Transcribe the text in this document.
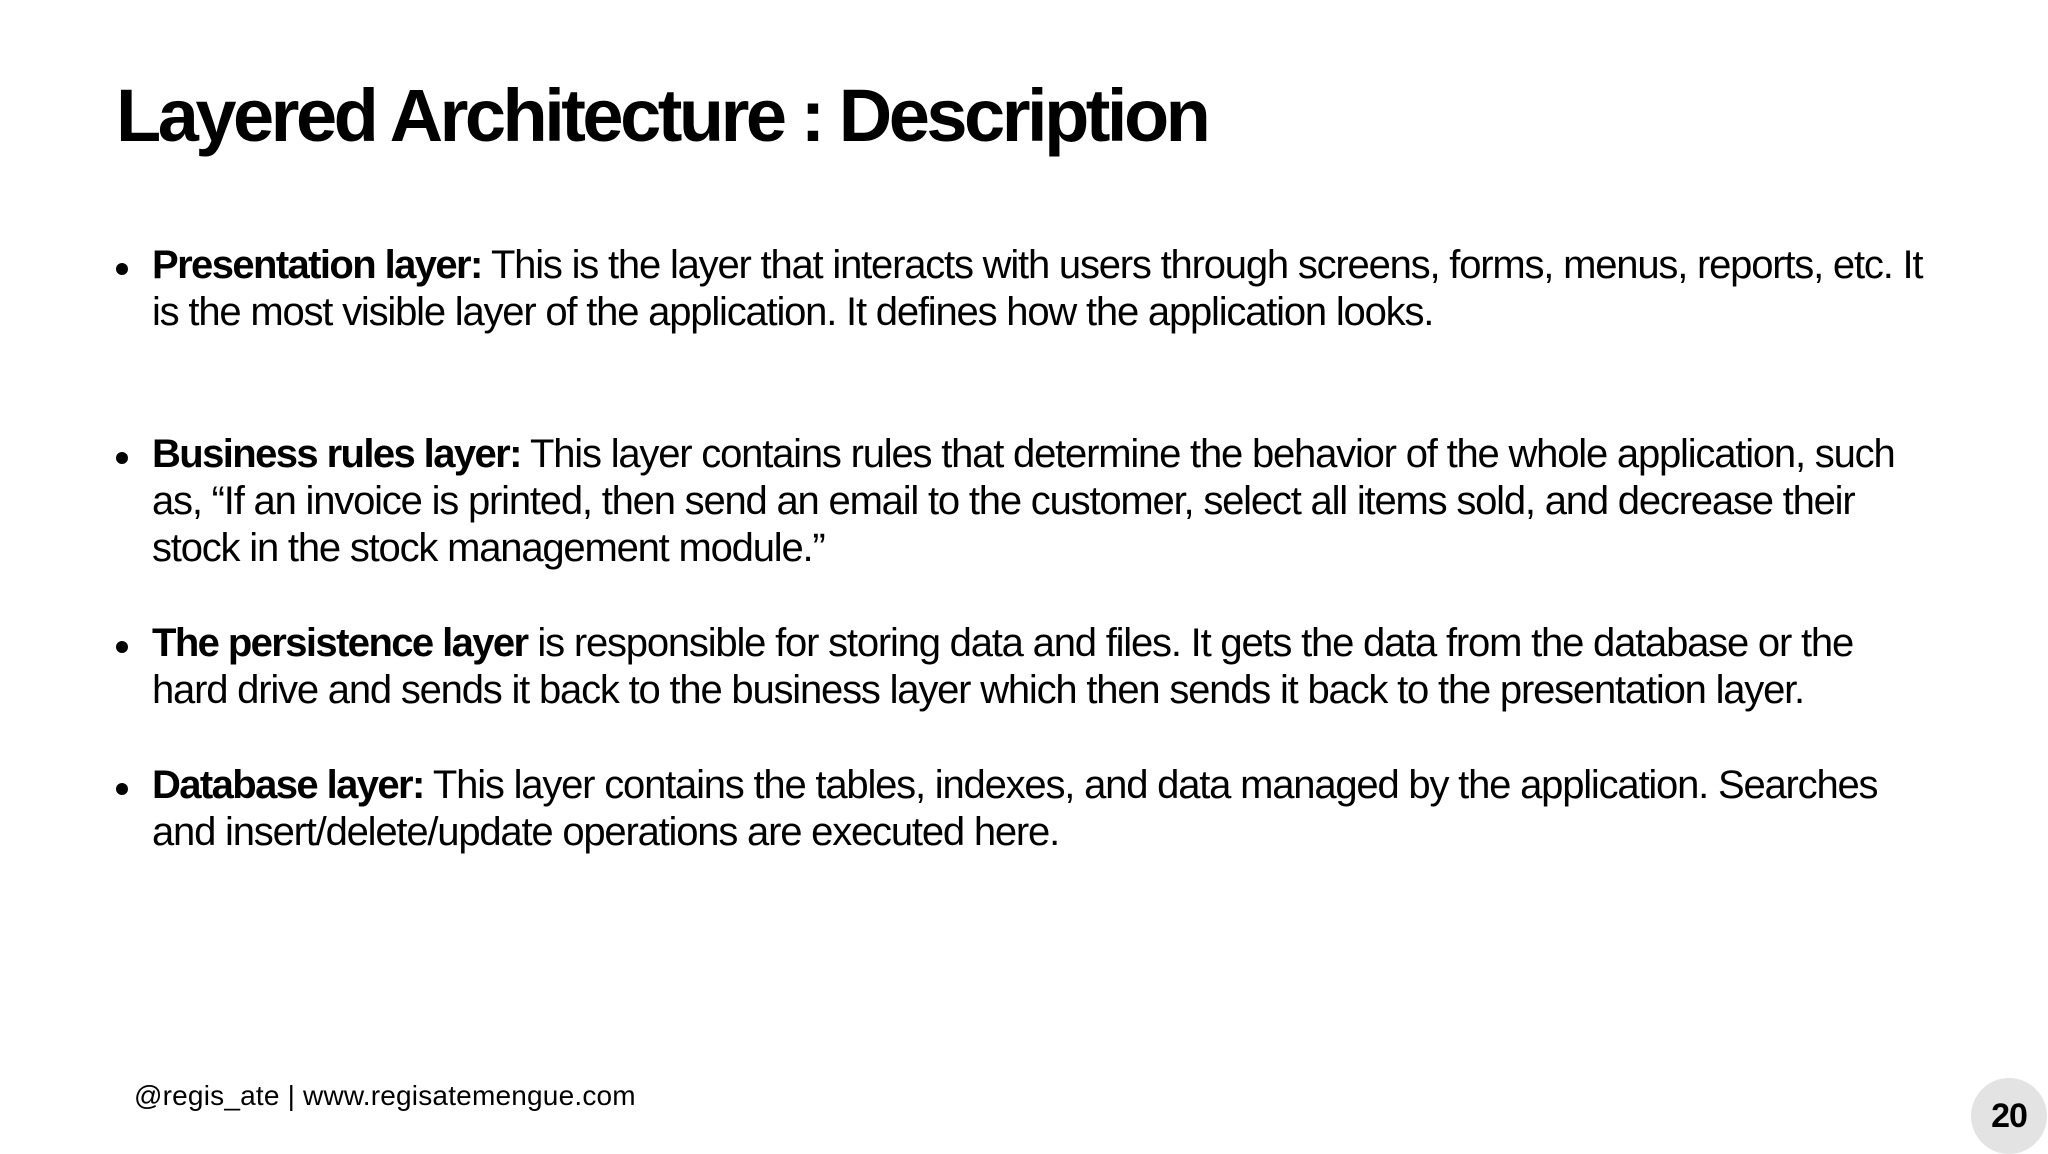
Layered Architecture : Description
Presentation layer: This is the layer that interacts with users through screens, forms, menus, reports, etc. It is the most visible layer of the application. It defines how the application looks.
Business rules layer: This layer contains rules that determine the behavior of the whole application, such as, “If an invoice is printed, then send an email to the customer, select all items sold, and decrease their stock in the stock management module.”
The persistence layer is responsible for storing data and files. It gets the data from the database or the hard drive and sends it back to the business layer which then sends it back to the presentation layer.
Database layer: This layer contains the tables, indexes, and data managed by the application. Searches and insert/delete/update operations are executed here.
@regis_ate | www.regisatemengue.com
20
